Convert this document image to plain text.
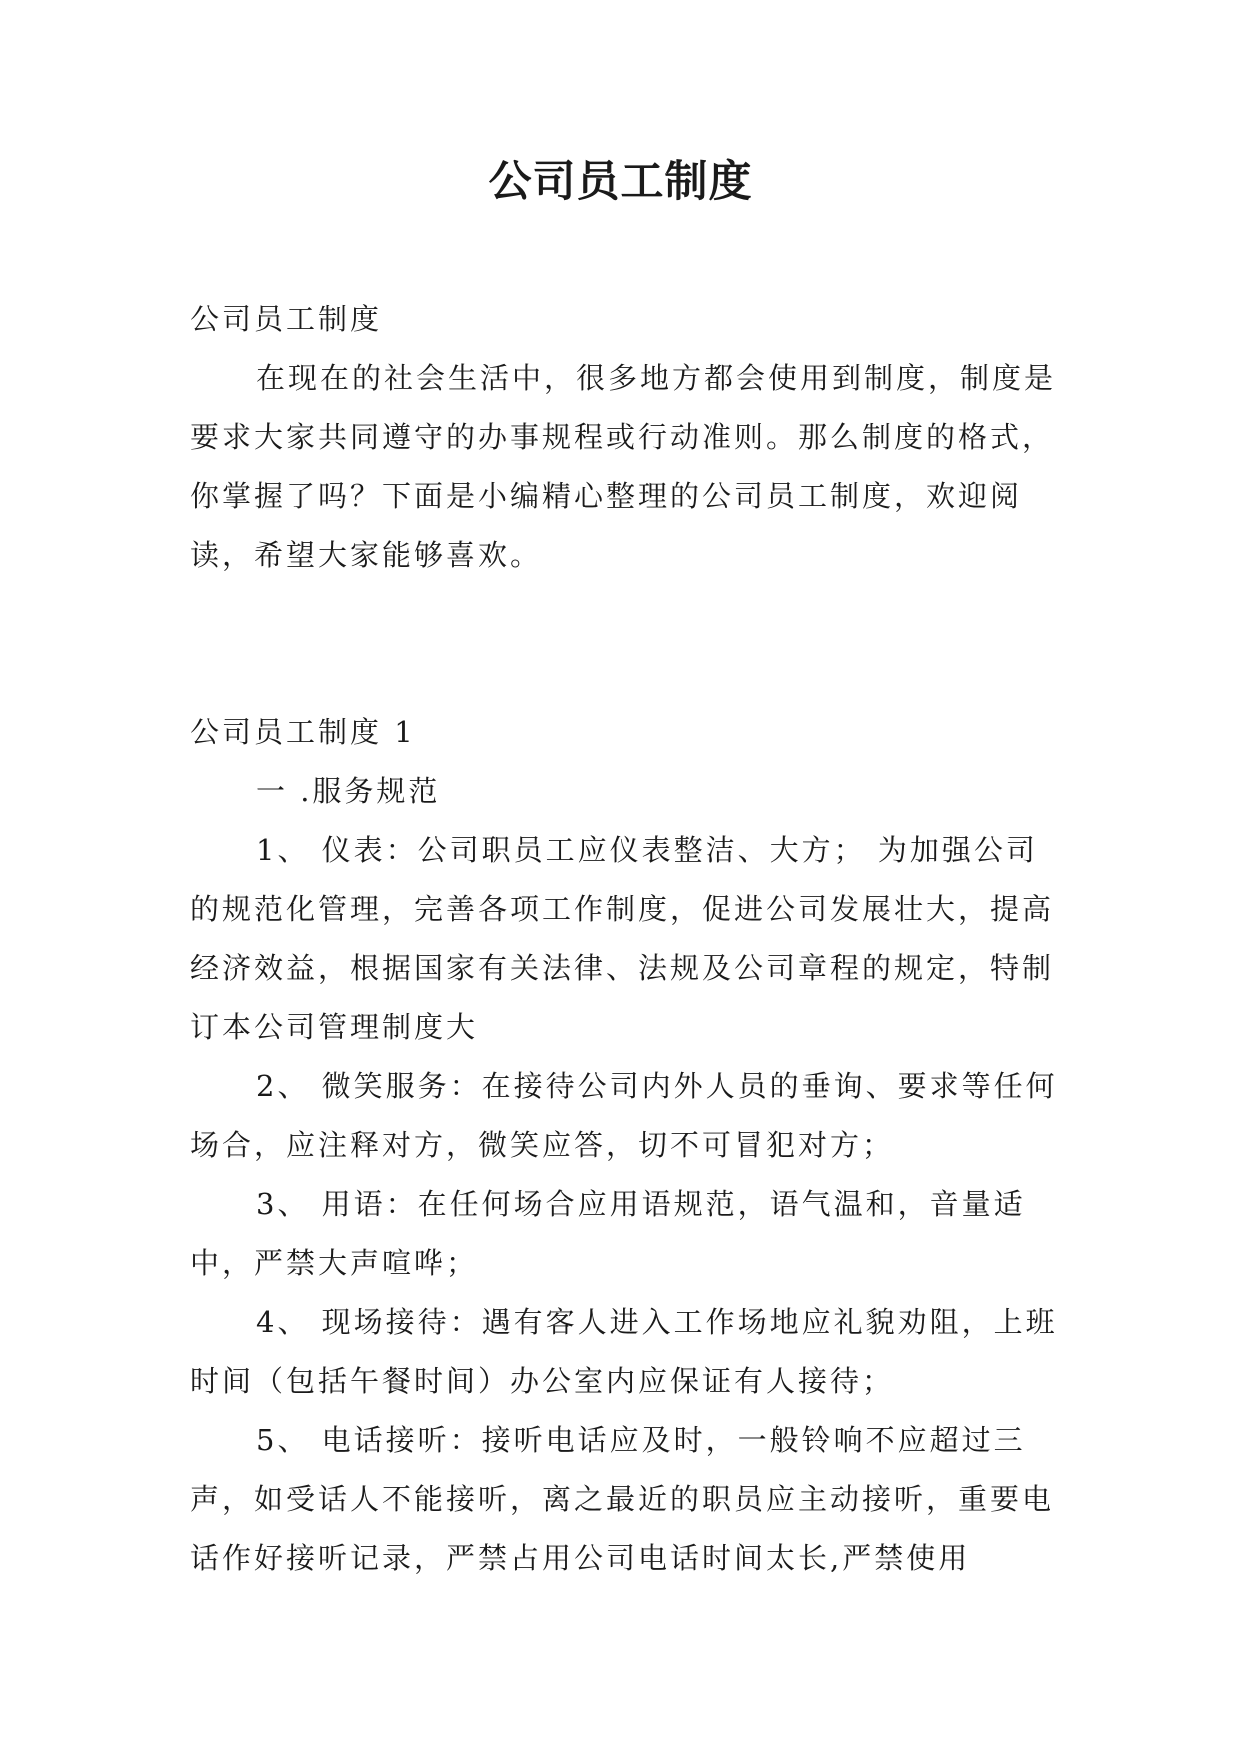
公司员工制度

公司员工制度

在现在的社会生活中，很多地方都会使用到制度，制度是要求大家共同遵守的办事规程或行动准则。那么制度的格式，你掌握了吗？下面是小编精心整理的公司员工制度，欢迎阅读，希望大家能够喜欢。

公司员工制度 1

一 .服务规范

1、 仪表：公司职员工应仪表整洁、大方； 为加强公司的规范化管理，完善各项工作制度，促进公司发展壮大，提高经济效益，根据国家有关法律、法规及公司章程的规定，特制订本公司管理制度大

2、 微笑服务：在接待公司内外人员的垂询、要求等任何场合，应注释对方，微笑应答，切不可冒犯对方；

3、 用语：在任何场合应用语规范，语气温和，音量适中，严禁大声喧哗；

4、 现场接待：遇有客人进入工作场地应礼貌劝阻，上班时间（包括午餐时间）办公室内应保证有人接待；

5、 电话接听：接听电话应及时，一般铃响不应超过三声，如受话人不能接听，离之最近的职员应主动接听，重要电话作好接听记录，严禁占用公司电话时间太长,严禁使用
